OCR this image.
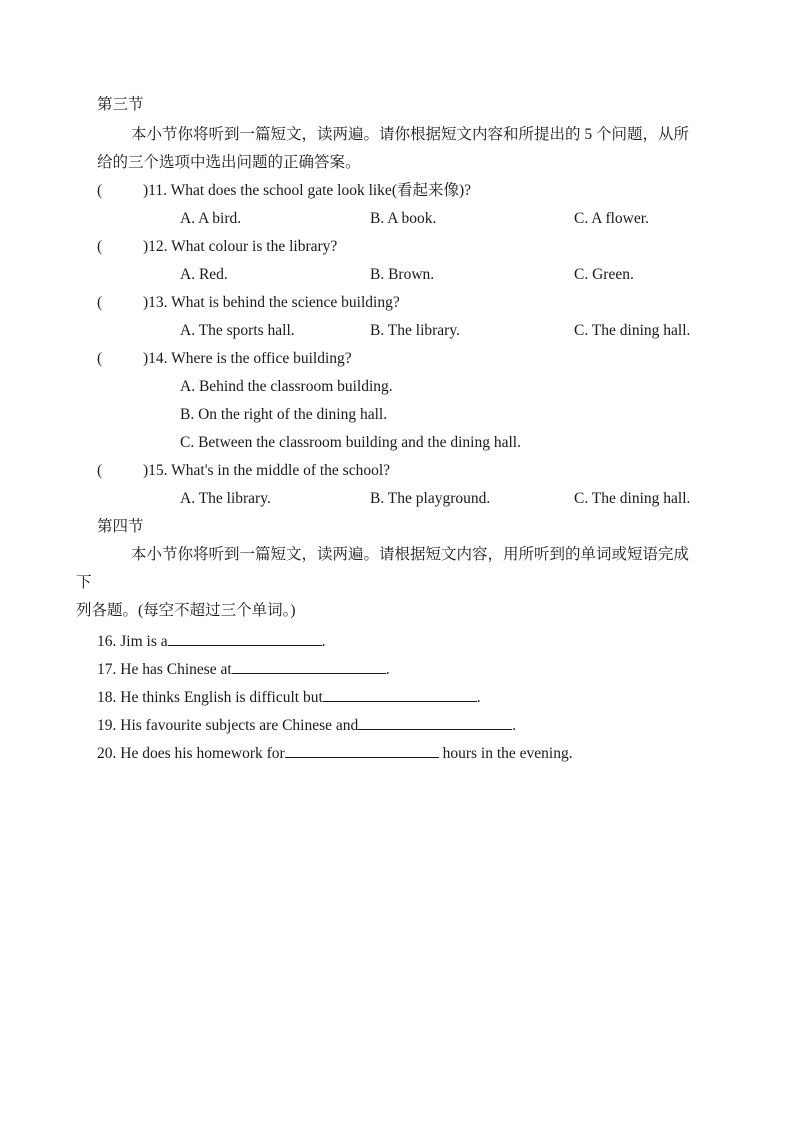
第三节
本小节你将听到一篇短文，读两遍。请你根据短文内容和所提出的 5 个问题，从所
给的三个选项中选出问题的正确答案。
(	)11. What does the school gate look like(看起来像)?
A. A bird.	B. A book.	C. A flower.
(	)12. What colour is the library?
A. Red.	B. Brown.	C. Green.
(	)13. What is behind the science building?
A. The sports hall.	B. The library.	C. The dining hall.
(	)14. Where is the office building?
A. Behind the classroom building.
B. On the right of the dining hall.
C. Between the classroom building and the dining hall.
(	)15. What's in the middle of the school?
A. The library.	B. The playground.	C. The dining hall.
第四节
本小节你将听到一篇短文，读两遍。请根据短文内容，用所听到的单词或短语完成
下
列各题。(每空不超过三个单词。)
16. Jim is a	.
17. He has Chinese at	.
18. He thinks English is difficult but	.
19. His favourite subjects are Chinese and	.
20. He does his homework for	hours in the evening.
